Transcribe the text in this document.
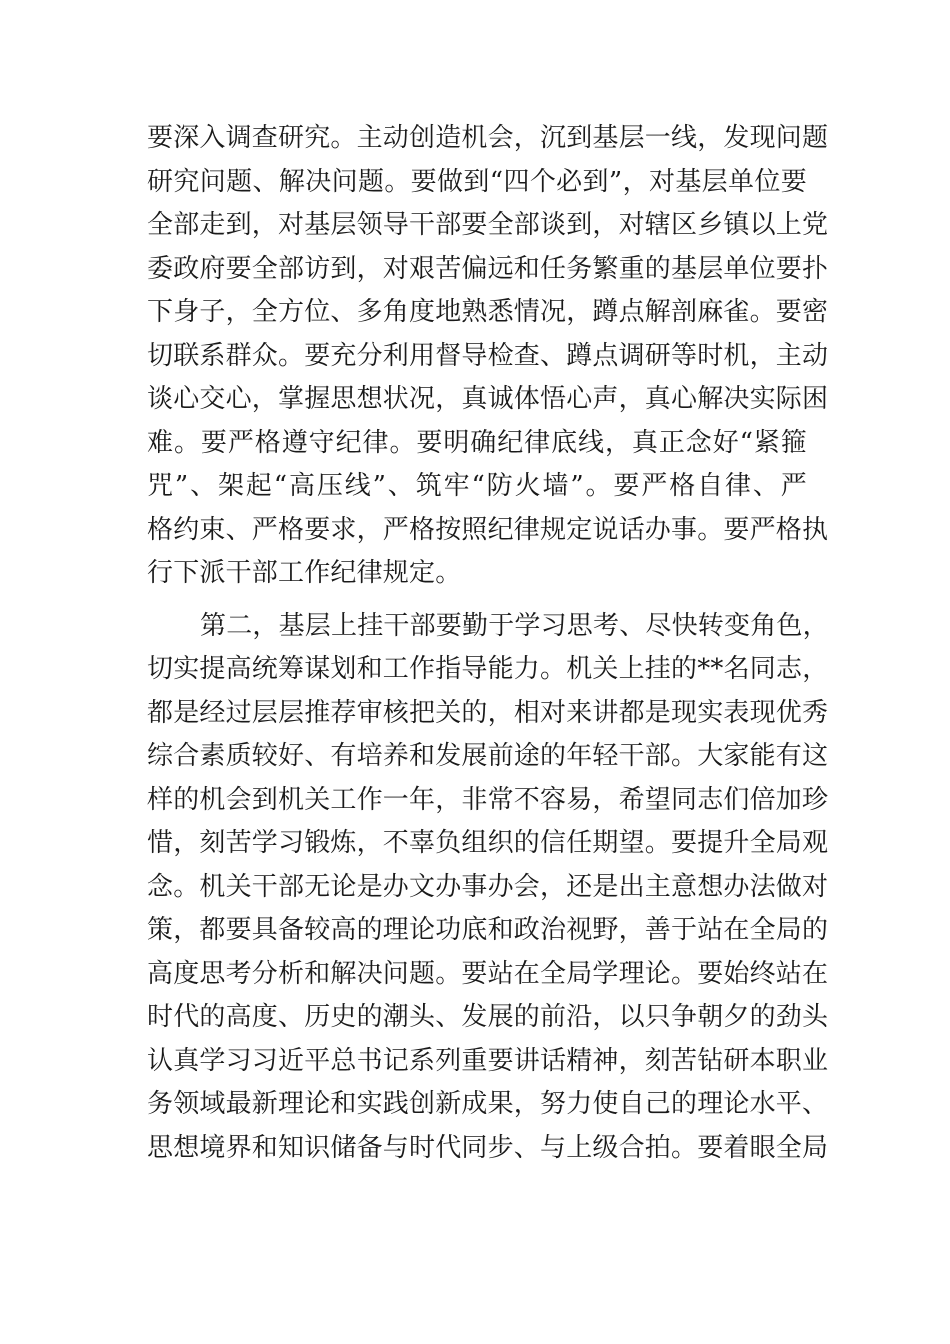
要深入调查研究。主动创造机会，沉到基层一线，发现问题
研究问题、解决问题。要做到“四个必到”，对基层单位要
全部走到，对基层领导干部要全部谈到，对辖区乡镇以上党
委政府要全部访到，对艰苦偏远和任务繁重的基层单位要扑
下身子，全方位、多角度地熟悉情况，蹲点解剖麻雀。要密
切联系群众。要充分利用督导检查、蹲点调研等时机，主动
谈心交心，掌握思想状况，真诚体悟心声，真心解决实际困
难。要严格遵守纪律。要明确纪律底线，真正念好“紧箍
咒”、架起“高压线”、筑牢“防火墙”。要严格自律、严
格约束、严格要求，严格按照纪律规定说话办事。要严格执
行下派干部工作纪律规定。
第二，基层上挂干部要勤于学习思考、尽快转变角色，
切实提高统筹谋划和工作指导能力。机关上挂的**名同志，
都是经过层层推荐审核把关的，相对来讲都是现实表现优秀
综合素质较好、有培养和发展前途的年轻干部。大家能有这
样的机会到机关工作一年，非常不容易，希望同志们倍加珍
惜，刻苦学习锻炼，不辜负组织的信任期望。要提升全局观
念。机关干部无论是办文办事办会，还是出主意想办法做对
策，都要具备较高的理论功底和政治视野，善于站在全局的
高度思考分析和解决问题。要站在全局学理论。要始终站在
时代的高度、历史的潮头、发展的前沿，以只争朝夕的劲头
认真学习习近平总书记系列重要讲话精神，刻苦钻研本职业
务领域最新理论和实践创新成果，努力使自己的理论水平、
思想境界和知识储备与时代同步、与上级合拍。要着眼全局
